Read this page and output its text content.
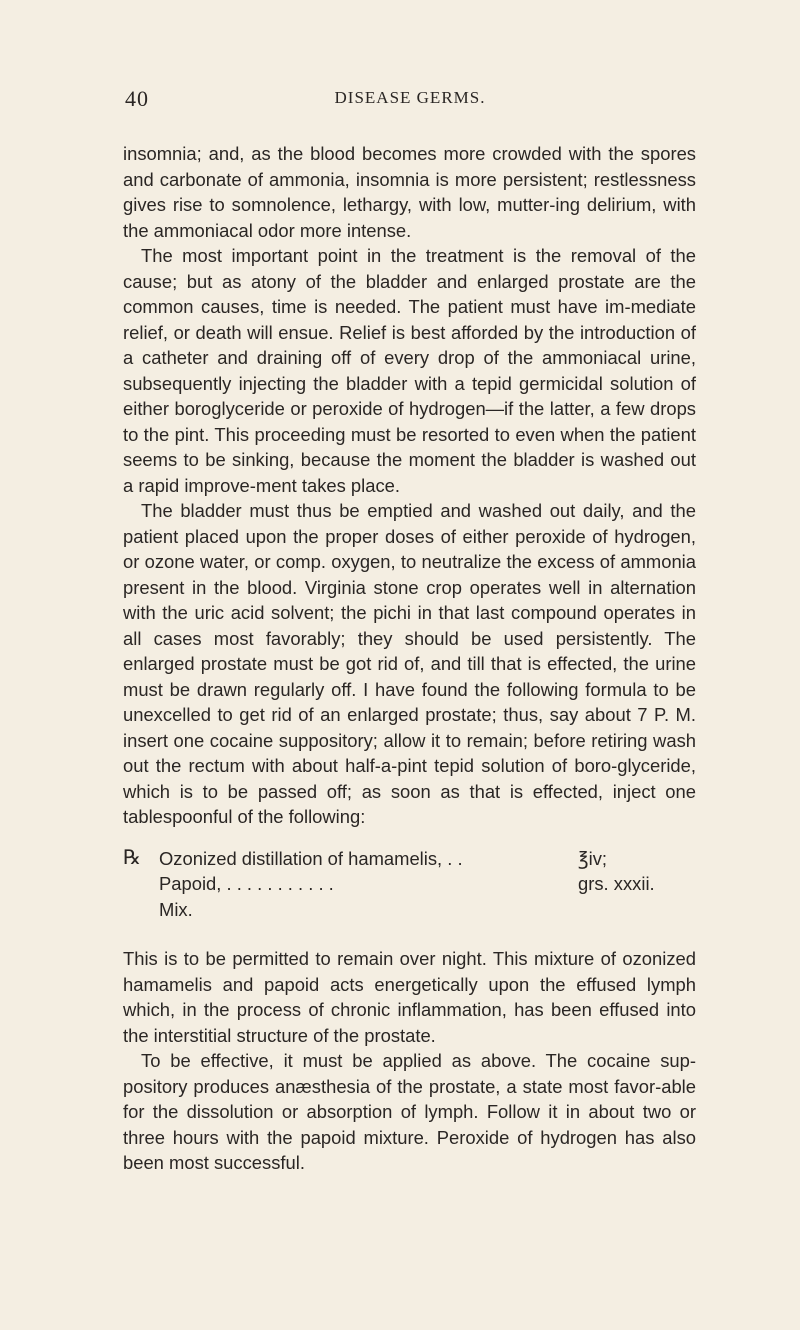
40	DISEASE GERMS.

insomnia; and, as the blood becomes more crowded with the spores and carbonate of ammonia, insomnia is more persistent; restlessness gives rise to somnolence, lethargy, with low, mutter-ing delirium, with the ammoniacal odor more intense.

The most important point in the treatment is the removal of the cause; but as atony of the bladder and enlarged prostate are the common causes, time is needed. The patient must have im-mediate relief, or death will ensue. Relief is best afforded by the introduction of a catheter and draining off of every drop of the ammoniacal urine, subsequently injecting the bladder with a tepid germicidal solution of either boroglyceride or peroxide of hydrogen—if the latter, a few drops to the pint. This proceeding must be resorted to even when the patient seems to be sinking, because the moment the bladder is washed out a rapid improve-ment takes place.

The bladder must thus be emptied and washed out daily, and the patient placed upon the proper doses of either peroxide of hydrogen, or ozone water, or comp. oxygen, to neutralize the excess of ammonia present in the blood. Virginia stone crop operates well in alternation with the uric acid solvent; the pichi in that last compound operates in all cases most favorably; they should be used persistently. The enlarged prostate must be got rid of, and till that is effected, the urine must be drawn regularly off. I have found the following formula to be unexcelled to get rid of an enlarged prostate; thus, say about 7 P. M. insert one cocaine suppository; allow it to remain; before retiring wash out the rectum with about half-a-pint tepid solution of boro-glyceride, which is to be passed off; as soon as that is effected, inject one tablespoonful of the following:

℞ Ozonized distillation of hamamelis, . .	℥iv;
Papoid, . . . . . . . . . . .	grs. xxxii.
Mix.

This is to be permitted to remain over night. This mixture of ozonized hamamelis and papoid acts energetically upon the effused lymph which, in the process of chronic inflammation, has been effused into the interstitial structure of the prostate.

To be effective, it must be applied as above. The cocaine sup-pository produces anæsthesia of the prostate, a state most favor-able for the dissolution or absorption of lymph. Follow it in about two or three hours with the papoid mixture. Peroxide of hydrogen has also been most successful.
